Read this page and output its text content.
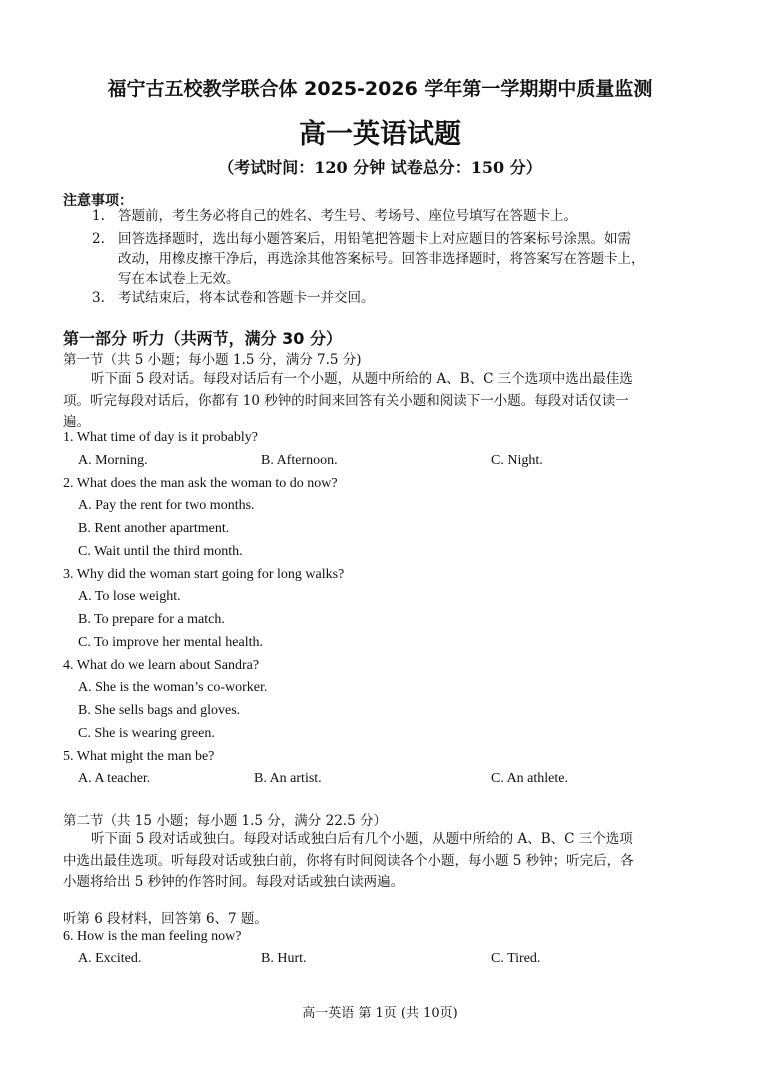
福宁古五校教学联合体 2025-2026 学年第一学期期中质量监测
高一英语试题
（考试时间：120 分钟 试卷总分：150 分）
注意事项：
1. 答题前，考生务必将自己的姓名、考生号、考场号、座位号填写在答题卡上。
2. 回答选择题时，选出每小题答案后，用铅笔把答题卡上对应题目的答案标号涂黑。如需
改动，用橡皮擦干净后，再选涂其他答案标号。回答非选择题时，将答案写在答题卡上，
写在本试卷上无效。
3. 考试结束后，将本试卷和答题卡一并交回。
第一部分 听力（共两节，满分 30 分）
第一节（共 5 小题；每小题 1.5 分，满分 7.5 分)
听下面 5 段对话。每段对话后有一个小题，从题中所给的 A、B、C 三个选项中选出最佳选
项。听完每段对话后，你都有 10 秒钟的时间来回答有关小题和阅读下一小题。每段对话仅读一
遍。
1. What time of day is it probably?
A. Morning.	B. Afternoon.	C. Night.
2. What does the man ask the woman to do now?
A. Pay the rent for two months.
B. Rent another apartment.
C. Wait until the third month.
3. Why did the woman start going for long walks?
A. To lose weight.
B. To prepare for a match.
C. To improve her mental health.
4. What do we learn about Sandra?
A. She is the woman’s co-worker.
B. She sells bags and gloves.
C. She is wearing green.
5. What might the man be?
A. A teacher.	B. An artist.	C. An athlete.
第二节（共 15 小题；每小题 1.5 分，满分 22.5 分）
听下面 5 段对话或独白。每段对话或独白后有几个小题，从题中所给的 A、B、C 三个选项
中选出最佳选项。听每段对话或独白前，你将有时间阅读各个小题，每小题 5 秒钟；听完后，各
小题将给出 5 秒钟的作答时间。每段对话或独白读两遍。
听第 6 段材料，回答第 6、7 题。
6. How is the man feeling now?
A. Excited.	B. Hurt.	C. Tired.
高一英语 第 1页 (共 10页)
